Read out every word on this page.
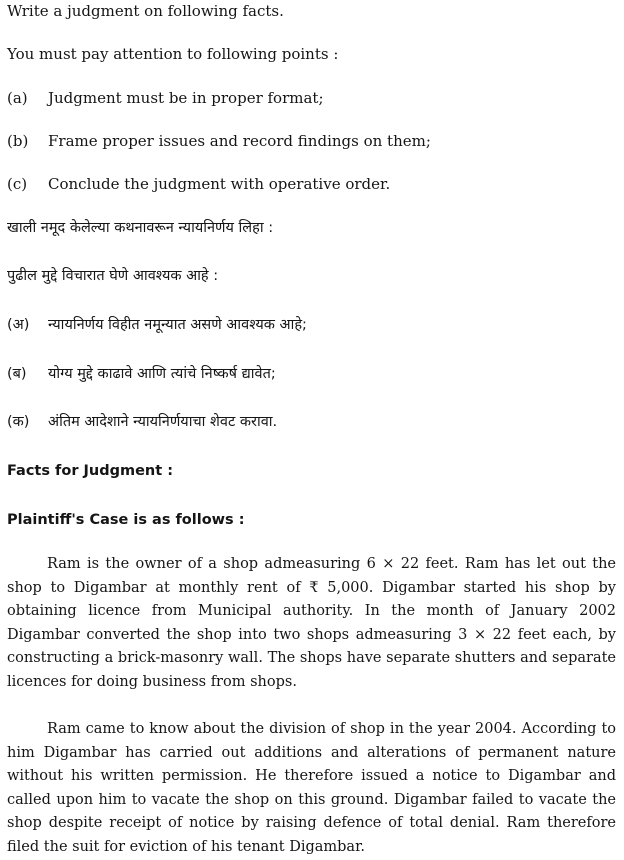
Write a judgment on following facts.
You must pay attention to following points :
(a) Judgment must be in proper format;
(b) Frame proper issues and record findings on them;
(c) Conclude the judgment with operative order.
खाली नमूद केलेल्या कथनावरून न्यायनिर्णय लिहा :
पुढील मुद्दे विचारात घेणे आवश्यक आहे :
(अ) न्यायनिर्णय विहीत नमून्यात असणे आवश्यक आहे;
(ब) योग्य मुद्दे काढावे आणि त्यांचे निष्कर्ष द्यावेत;
(क) अंतिम आदेशाने न्यायनिर्णयाचा शेवट करावा.
Facts for Judgment :
Plaintiff's Case is as follows :

Ram is the owner of a shop admeasuring 6 × 22 feet. Ram has let out the shop to Digambar at monthly rent of ₹ 5,000. Digambar started his shop by obtaining licence from Municipal authority. In the month of January 2002 Digambar converted the shop into two shops admeasuring 3 × 22 feet each, by constructing a brick-masonry wall. The shops have separate shutters and separate licences for doing business from shops.

Ram came to know about the division of shop in the year 2004. According to him Digambar has carried out additions and alterations of permanent nature without his written permission. He therefore issued a notice to Digambar and called upon him to vacate the shop on this ground. Digambar failed to vacate the shop despite receipt of notice by raising defence of total denial. Ram therefore filed the suit for eviction of his tenant Digambar.
